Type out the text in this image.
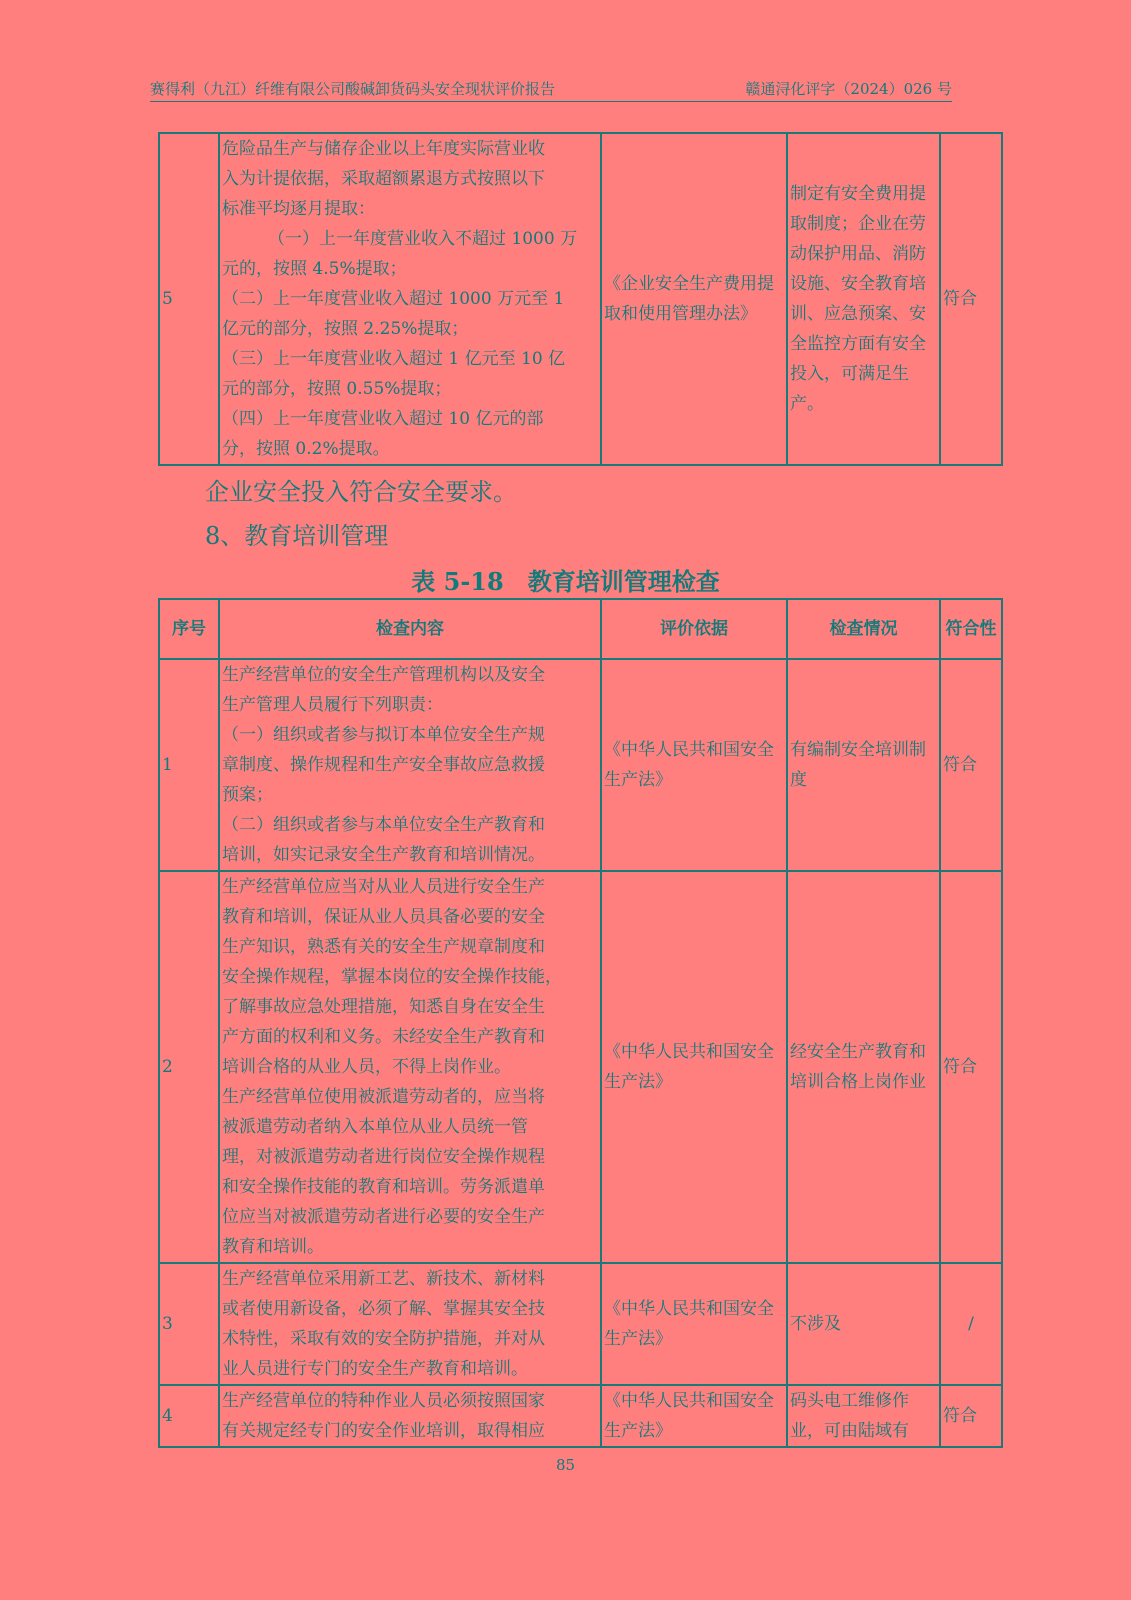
赛得利（九江）纤维有限公司酸碱卸货码头安全现状评价报告	赣通浔化评字（2024）026 号
5	
危险品生产与储存企业以上年度实际营业收
入为计提依据，采取超额累退方式按照以下
标准平均逐月提取：
（一）上一年度营业收入不超过 1000 万
元的，按照 4.5%提取；
（二）上一年度营业收入超过 1000 万元至 1
亿元的部分，按照 2.25%提取；
（三）上一年度营业收入超过 1 亿元至 10 亿
元的部分，按照 0.55%提取；
（四）上一年度营业收入超过 10 亿元的部
分，按照 0.2%提取。
	《企业安全生产费用提取和使用管理办法》	制定有安全费用提取制度；企业在劳动保护用品、消防设施、安全教育培训、应急预案、安全监控方面有安全投入，可满足生产。	符合
企业安全投入符合安全要求。
8、教育培训管理
表 5-18　教育培训管理检查
序号	检查内容	评价依据	检查情况	符合性
1	
生产经营单位的安全生产管理机构以及安全
生产管理人员履行下列职责：
（一）组织或者参与拟订本单位安全生产规
章制度、操作规程和生产安全事故应急救援
预案；
（二）组织或者参与本单位安全生产教育和
培训，如实记录安全生产教育和培训情况。
	《中华人民共和国安全生产法》	有编制安全培训制度	符合
2	
生产经营单位应当对从业人员进行安全生产
教育和培训，保证从业人员具备必要的安全
生产知识，熟悉有关的安全生产规章制度和
安全操作规程，掌握本岗位的安全操作技能，
了解事故应急处理措施，知悉自身在安全生
产方面的权利和义务。未经安全生产教育和
培训合格的从业人员，不得上岗作业。
生产经营单位使用被派遣劳动者的，应当将
被派遣劳动者纳入本单位从业人员统一管
理，对被派遣劳动者进行岗位安全操作规程
和安全操作技能的教育和培训。劳务派遣单
位应当对被派遣劳动者进行必要的安全生产
教育和培训。
	《中华人民共和国安全生产法》	经安全生产教育和培训合格上岗作业	符合
3	生产经营单位采用新工艺、新技术、新材料
或者使用新设备，必须了解、掌握其安全技
术特性，采取有效的安全防护措施，并对从
业人员进行专门的安全生产教育和培训。	《中华人民共和国安全生产法》	不涉及	/
4	生产经营单位的特种作业人员必须按照国家
有关规定经专门的安全作业培训，取得相应	《中华人民共和国安全生产法》	码头电工维修作业，可由陆域有	符合
85
